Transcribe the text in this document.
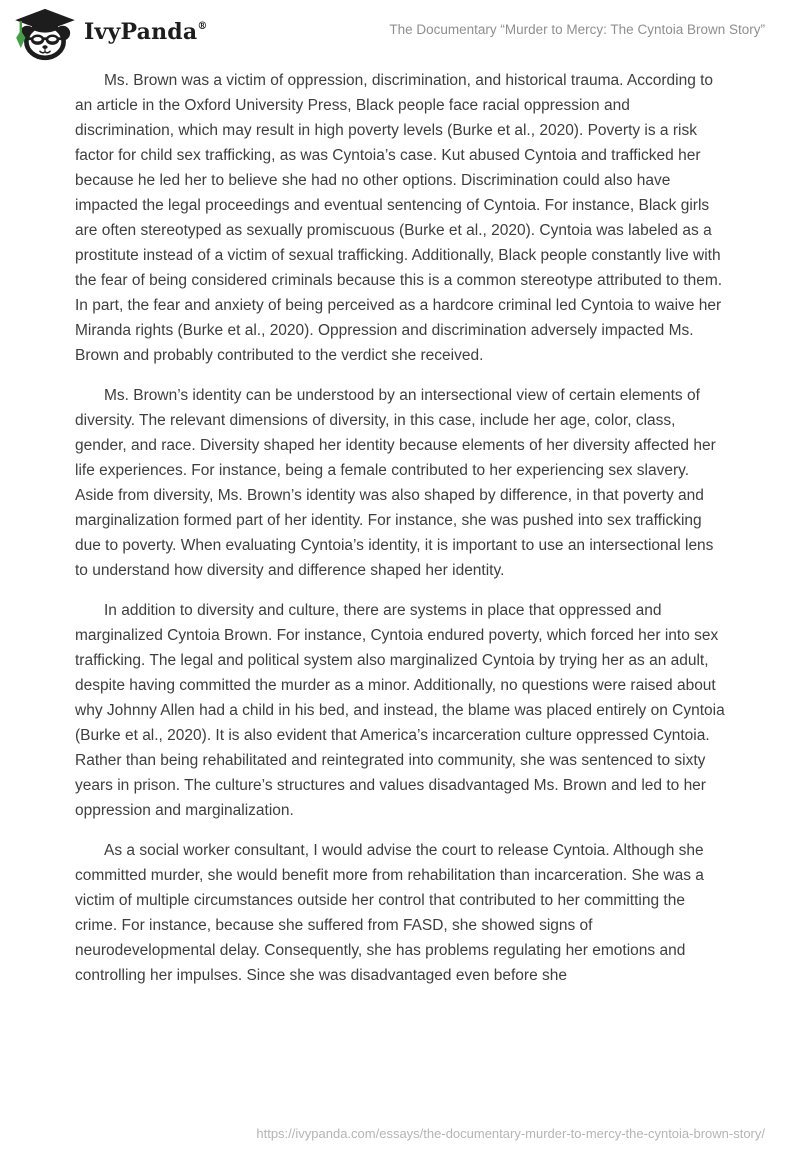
IvyPanda®	The Documentary “Murder to Mercy: The Cyntoia Brown Story”

Ms. Brown was a victim of oppression, discrimination, and historical trauma. According to an article in the Oxford University Press, Black people face racial oppression and discrimination, which may result in high poverty levels (Burke et al., 2020). Poverty is a risk factor for child sex trafficking, as was Cyntoia’s case. Kut abused Cyntoia and trafficked her because he led her to believe she had no other options. Discrimination could also have impacted the legal proceedings and eventual sentencing of Cyntoia. For instance, Black girls are often stereotyped as sexually promiscuous (Burke et al., 2020). Cyntoia was labeled as a prostitute instead of a victim of sexual trafficking. Additionally, Black people constantly live with the fear of being considered criminals because this is a common stereotype attributed to them. In part, the fear and anxiety of being perceived as a hardcore criminal led Cyntoia to waive her Miranda rights (Burke et al., 2020). Oppression and discrimination adversely impacted Ms. Brown and probably contributed to the verdict she received.

Ms. Brown’s identity can be understood by an intersectional view of certain elements of diversity. The relevant dimensions of diversity, in this case, include her age, color, class, gender, and race. Diversity shaped her identity because elements of her diversity affected her life experiences. For instance, being a female contributed to her experiencing sex slavery. Aside from diversity, Ms. Brown’s identity was also shaped by difference, in that poverty and marginalization formed part of her identity. For instance, she was pushed into sex trafficking due to poverty. When evaluating Cyntoia’s identity, it is important to use an intersectional lens to understand how diversity and difference shaped her identity.

In addition to diversity and culture, there are systems in place that oppressed and marginalized Cyntoia Brown. For instance, Cyntoia endured poverty, which forced her into sex trafficking. The legal and political system also marginalized Cyntoia by trying her as an adult, despite having committed the murder as a minor. Additionally, no questions were raised about why Johnny Allen had a child in his bed, and instead, the blame was placed entirely on Cyntoia (Burke et al., 2020). It is also evident that America’s incarceration culture oppressed Cyntoia. Rather than being rehabilitated and reintegrated into community, she was sentenced to sixty years in prison. The culture’s structures and values disadvantaged Ms. Brown and led to her oppression and marginalization.

As a social worker consultant, I would advise the court to release Cyntoia. Although she committed murder, she would benefit more from rehabilitation than incarceration. She was a victim of multiple circumstances outside her control that contributed to her committing the crime. For instance, because she suffered from FASD, she showed signs of neurodevelopmental delay. Consequently, she has problems regulating her emotions and controlling her impulses. Since she was disadvantaged even before she

https://ivypanda.com/essays/the-documentary-murder-to-mercy-the-cyntoia-brown-story/
